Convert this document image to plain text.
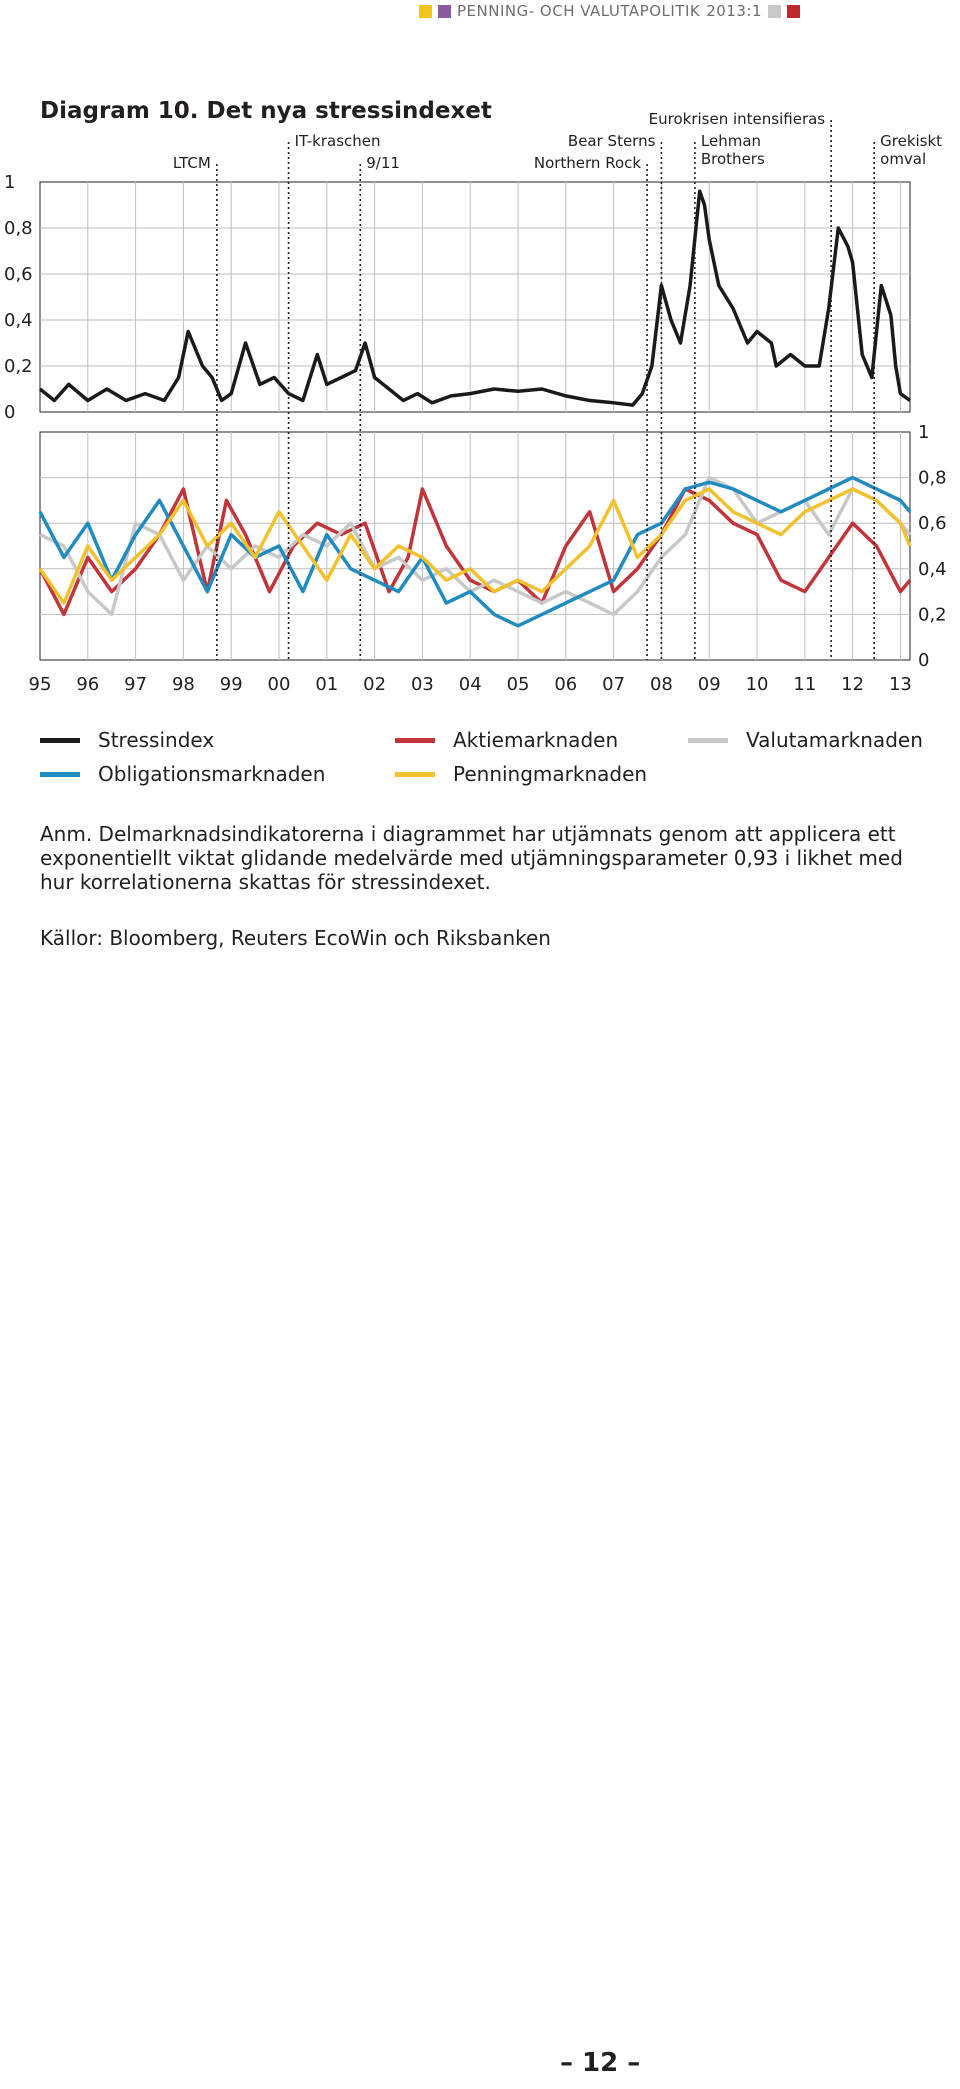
PENNING- OCH VALUTAPOLITIK 2013:1
Diagram 10. Det nya stressindexet
95 96 97 98 99 00 01 02 03 04 05 06 07 08 09 10 11 12 13
0
0,2
0,4
0,6
0,8
1
0
0,2
0,4
0,6
0,8
1
LTCM
IT-kraschen
9/11	Northern Rock
Bear Sterns	Lehman Brothers
Eurokrisen intensifieras
Grekiskt omval
Stressindex
Obligationsmarknaden
Aktiemarknaden
Penningmarknaden
Valutamarknaden
Anm. Delmarknadsindikatorerna i diagrammet har utjämnats genom att applicera ett exponentiellt viktat glidande medelvärde med utjämningsparameter 0,93 i likhet med hur korrelationerna skattas för stressindexet.
Källor: Bloomberg, Reuters EcoWin och Riksbanken
– 12 –
